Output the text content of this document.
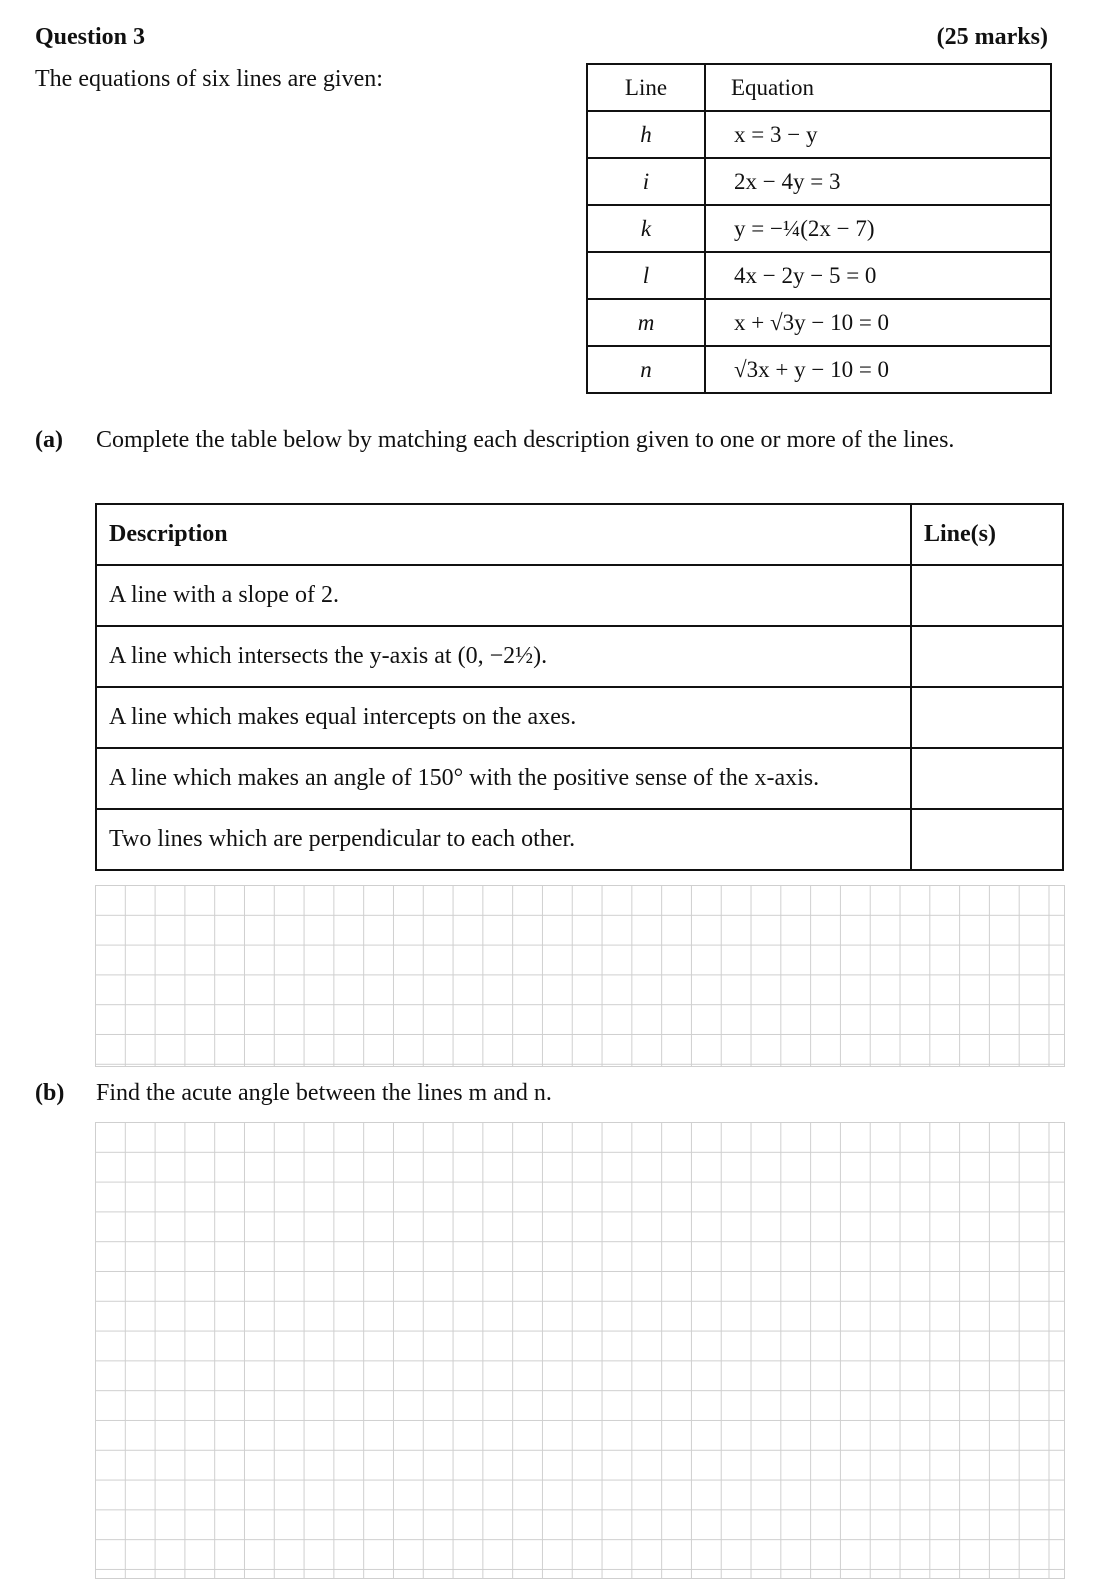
Question 3	(25 marks)
The equations of six lines are given:	Line	Equation
h	x = 3 − y
i	2x − 4y = 3
k	y = −¼(2x − 7)
l	4x − 2y − 5 = 0
m	x + √3y − 10 = 0
n	√3x + y − 10 = 0
(a) Complete the table below by matching each description given to one or more of the lines.
Description	Line(s)
A line with a slope of 2.	
A line which intersects the y-axis at (0, −2½).	
A line which makes equal intercepts on the axes.	
A line which makes an angle of 150° with the positive sense of the x-axis.	
Two lines which are perpendicular to each other.	
(b) Find the acute angle between the lines m and n.
